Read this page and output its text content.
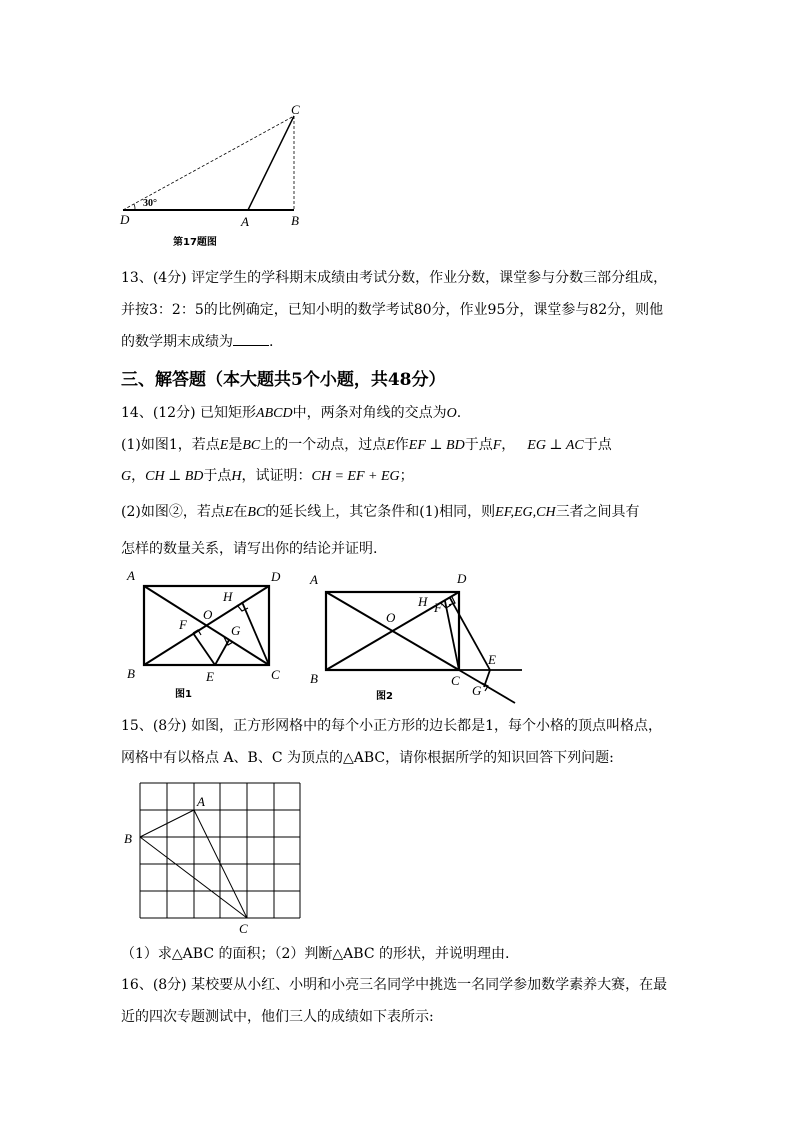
C
D	A	B
30°
第17题图
13、(4分) 评定学生的学科期末成绩由考试分数，作业分数，课堂参与分数三部分组成，
并按3：2：5的比例确定，已知小明的数学考试80分，作业95分，课堂参与82分，则他
的数学期末成绩为	.
三、解答题（本大题共5个小题，共48分）
14、(12分) 已知矩形ABCD中，两条对角线的交点为O.
(1)如图1，若点E是BC上的一个动点，过点E作EF ⊥ BD于点F， EG ⊥ AC于点
G，CH ⊥ BD于点H，试证明：CH = EF + EG；
(2)如图②，若点E在BC的延长线上，其它条件和(1)相同，则EF,EG,CH三者之间具有
怎样的数量关系，请写出你的结论并证明.
A	D
H
O
F	G
B	E	C
图1
A	D
H F
O
E
B	C
G
图2
15、(8分) 如图，正方形网格中的每个小正方形的边长都是1，每个小格的顶点叫格点，
网格中有以格点 A、B、C 为顶点的△ABC，请你根据所学的知识回答下列问题:
A
B
C
（1）求△ABC 的面积；（2）判断△ABC 的形状，并说明理由.
16、(8分) 某校要从小红、小明和小亮三名同学中挑选一名同学参加数学素养大赛，在最
近的四次专题测试中，他们三人的成绩如下表所示:
